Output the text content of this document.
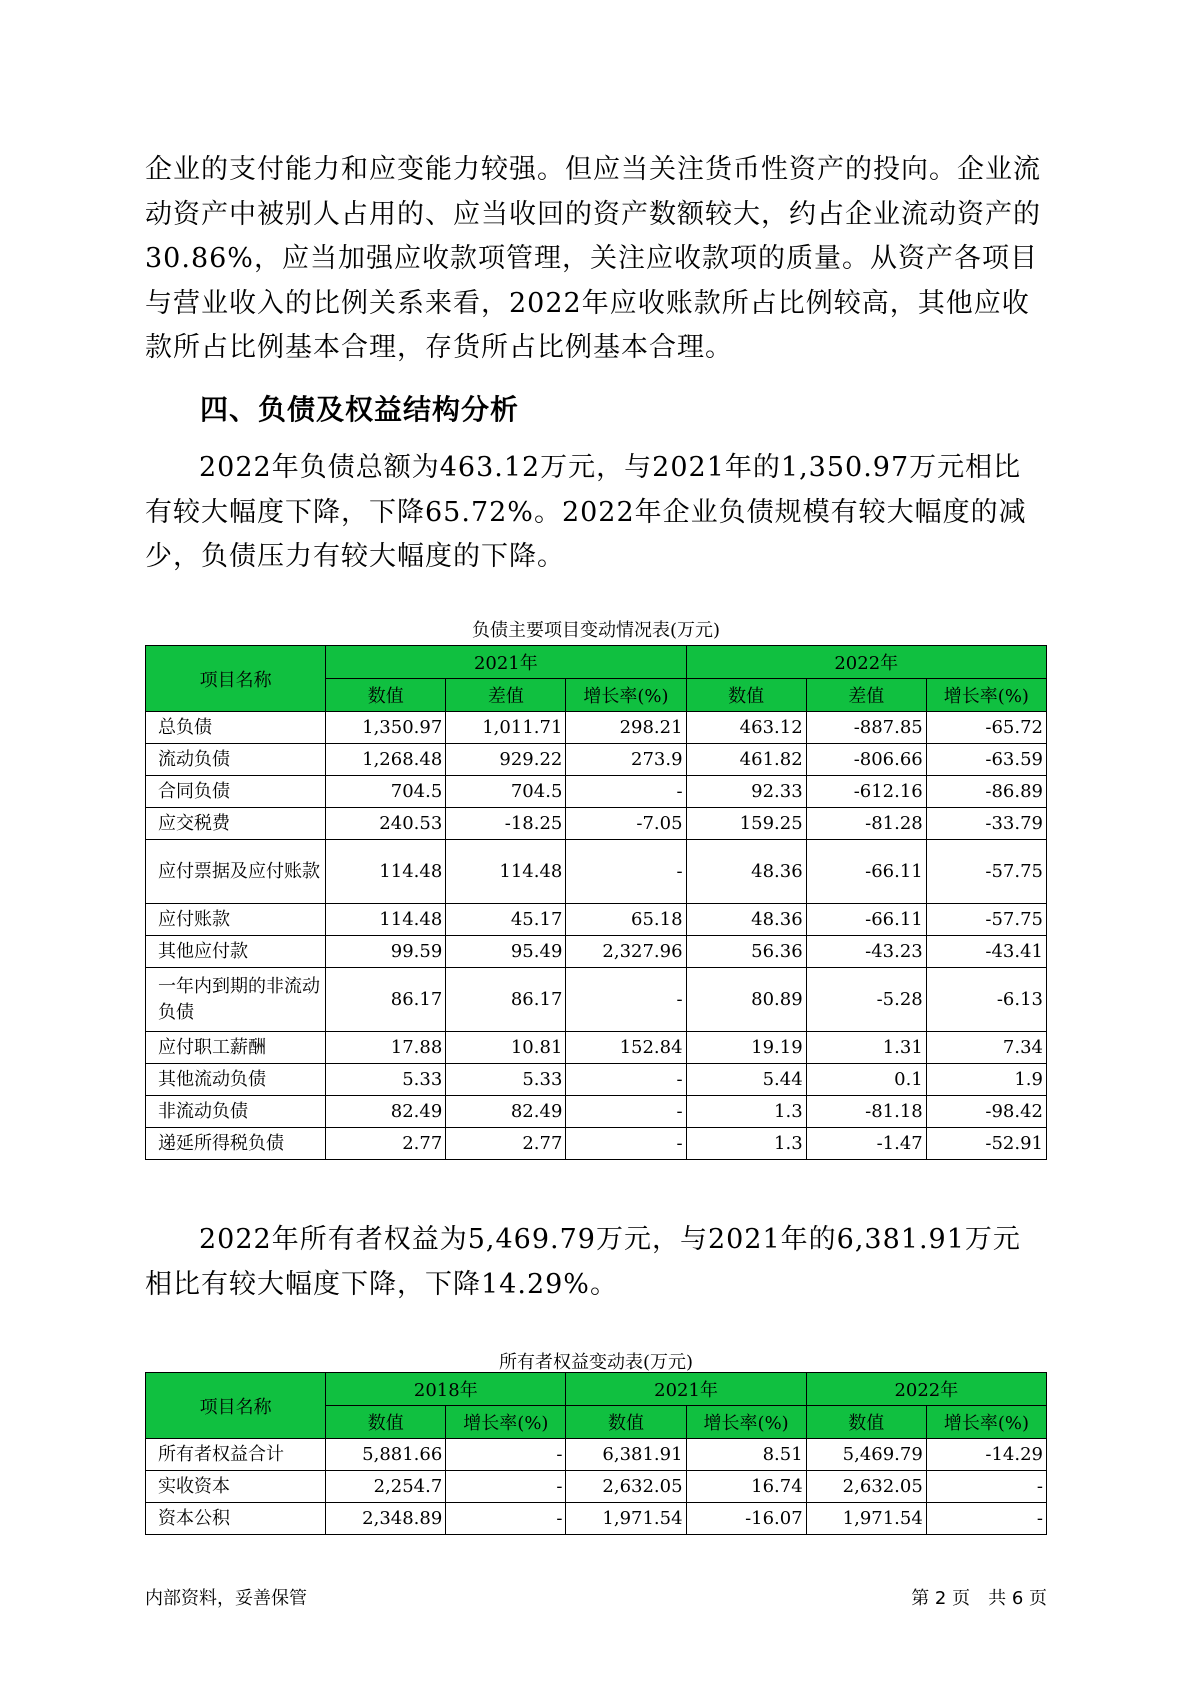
企业的支付能力和应变能力较强。但应当关注货币性资产的投向。企业流动资产中被别人占用的、应当收回的资产数额较大，约占企业流动资产的30.86%，应当加强应收款项管理，关注应收款项的质量。从资产各项目与营业收入的比例关系来看，2022年应收账款所占比例较高，其他应收款所占比例基本合理，存货所占比例基本合理。

四、负债及权益结构分析

2022年负债总额为463.12万元，与2021年的1,350.97万元相比有较大幅度下降，下降65.72%。2022年企业负债规模有较大幅度的减少，负债压力有较大幅度的下降。

负债主要项目变动情况表(万元)

项目名称	2021年			2022年		
	数值	差值	增长率(%)	数值	差值	增长率(%)
总负债	1,350.97	1,011.71	298.21	463.12	-887.85	-65.72
流动负债	1,268.48	929.22	273.9	461.82	-806.66	-63.59
合同负债	704.5	704.5	-	92.33	-612.16	-86.89
应交税费	240.53	-18.25	-7.05	159.25	-81.28	-33.79
应付票据及应付账款	114.48	114.48	-	48.36	-66.11	-57.75
应付账款	114.48	45.17	65.18	48.36	-66.11	-57.75
其他应付款	99.59	95.49	2,327.96	56.36	-43.23	-43.41
一年内到期的非流动负债	86.17	86.17	-	80.89	-5.28	-6.13
应付职工薪酬	17.88	10.81	152.84	19.19	1.31	7.34
其他流动负债	5.33	5.33	-	5.44	0.1	1.9
非流动负债	82.49	82.49	-	1.3	-81.18	-98.42
递延所得税负债	2.77	2.77	-	1.3	-1.47	-52.91

2022年所有者权益为5,469.79万元，与2021年的6,381.91万元相比有较大幅度下降，下降14.29%。

所有者权益变动表(万元)

项目名称	2018年		2021年		2022年	
	数值	增长率(%)	数值	增长率(%)	数值	增长率(%)
所有者权益合计	5,881.66	-	6,381.91	8.51	5,469.79	-14.29
实收资本	2,254.7	-	2,632.05	16.74	2,632.05	-
资本公积	2,348.89	-	1,971.54	-16.07	1,971.54	-

内部资料，妥善保管	第 2 页　共 6 页
